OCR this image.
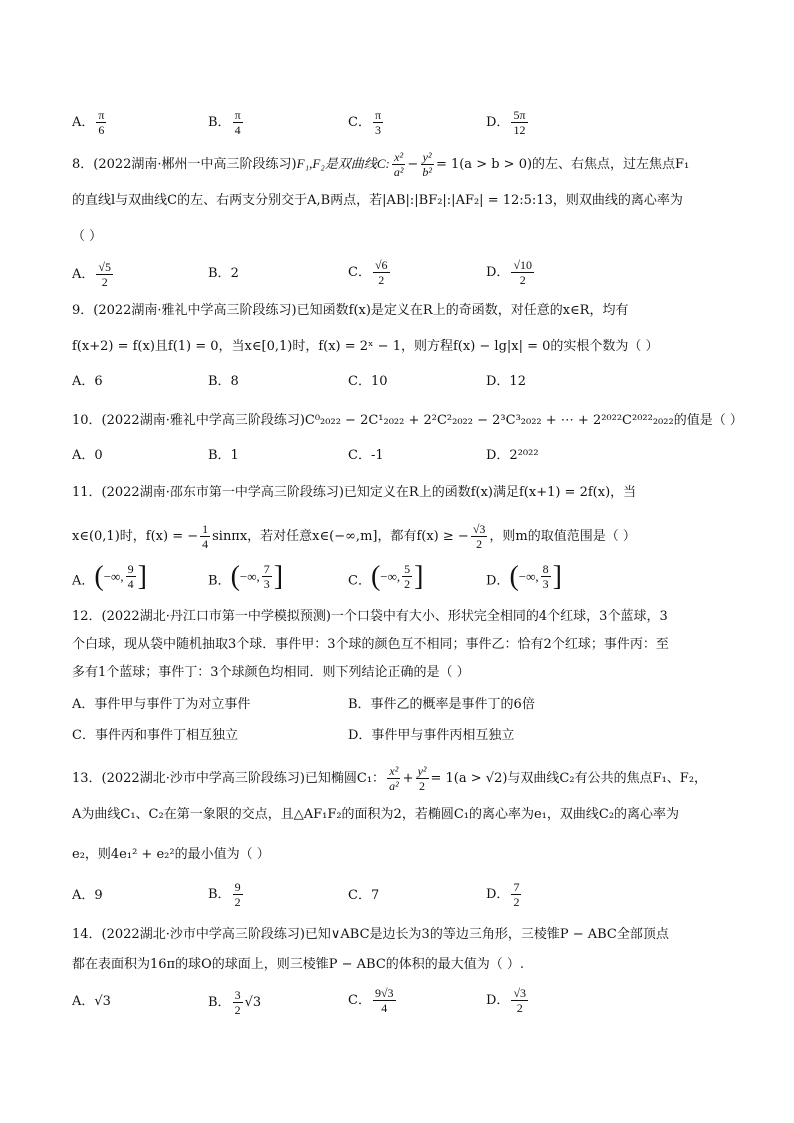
A． $\frac{\pi}{6}$	B． $\frac{\pi}{4}$	C． $\frac{\pi}{3}$	D． $\frac{5\pi}{12}$
8．(2022湖南·郴州一中高三阶段练习)F₁,F₂是双曲线C: $\frac{\text{x²}}{\text{a²}} - \frac{\text{y²}}{\text{b²}} = 1(a > b > 0)$的左、右焦点，过左焦点F₁
的直线l与双曲线C的左、右两支分别交于A,B两点，若|AB|:|BF₂|:|AF₂| = 12:5:13，则双曲线的离心率为
（ ）
A． $\frac{√5}{2}$	B．2	C． $\frac{√6}{2}$	D． $\frac{√10}{2}$
9．(2022湖南·雅礼中学高三阶段练习)已知函数f(x)是定义在R上的奇函数，对任意的x∈R，均有
f(x+2) = f(x)且f(1) = 0，当x∈[0,1)时，f(x) = 2ˣ − 1，则方程f(x) − lg|x| = 0的实根个数为（ ）
A．6	B．8	C．10	D．12
10．(2022湖南·雅礼中学高三阶段练习)C⁰₂₀₂₂ − 2C¹₂₀₂₂ + 2²C²₂₀₂₂ − 2³C³₂₀₂₂ + ⋯ + 2²⁰²²C²⁰²²₂₀₂₂的值是（ ）
A．0	B．1	C．-1	D．2²⁰²²
11．(2022湖南·邵东市第一中学高三阶段练习)已知定义在R上的函数f(x)满足f(x+1) = 2f(x)，当
x∈(0,1)时，f(x) = − $\frac{1}{4}$ sinπx，若对任意x∈(−∞,m]，都有f(x) ≥ − $\frac{√3}{2}$ ，则m的取值范围是（ ）
A． ( −∞, $\frac{9}{4}$ ]	B． ( −∞, $\frac{7}{3}$ ]	C． ( −∞, $\frac{5}{2}$ ]	D． ( −∞, $\frac{8}{3}$ ]
12．(2022湖北·丹江口市第一中学模拟预测)一个口袋中有大小、形状完全相同的4个红球，3个蓝球，3
个白球，现从袋中随机抽取3个球．事件甲：3个球的颜色互不相同；事件乙：恰有2个红球；事件丙：至
多有1个蓝球；事件丁：3个球颜色均相同．则下列结论正确的是（ ）
A．事件甲与事件丁为对立事件	B．事件乙的概率是事件丁的6倍
C．事件丙和事件丁相互独立	D．事件甲与事件丙相互独立
13．(2022湖北·沙市中学高三阶段练习)已知椭圆C₁： $\frac{\text{x²}}{\text{a²}} + \frac{\text{y²}}{2} = 1(a > √2)$与双曲线C₂有公共的焦点F₁、F₂，
A为曲线C₁、C₂在第一象限的交点，且△AF₁F₂的面积为2，若椭圆C₁的离心率为e₁，双曲线C₂的离心率为
e₂，则4e₁² + e₂²的最小值为（ ）
A．9	B． $\frac{9}{2}$	C．7	D． $\frac{7}{2}$
14．(2022湖北·沙市中学高三阶段练习)已知∨ABC是边长为3的等边三角形，三棱锥P − ABC全部顶点
都在表面积为16π的球O的球面上，则三棱锥P − ABC的体积的最大值为（ ）.
A．√3	B． $\frac{3}{2} √3$	C． $\frac{9√3}{4}$	D． $\frac{√3}{2}$
